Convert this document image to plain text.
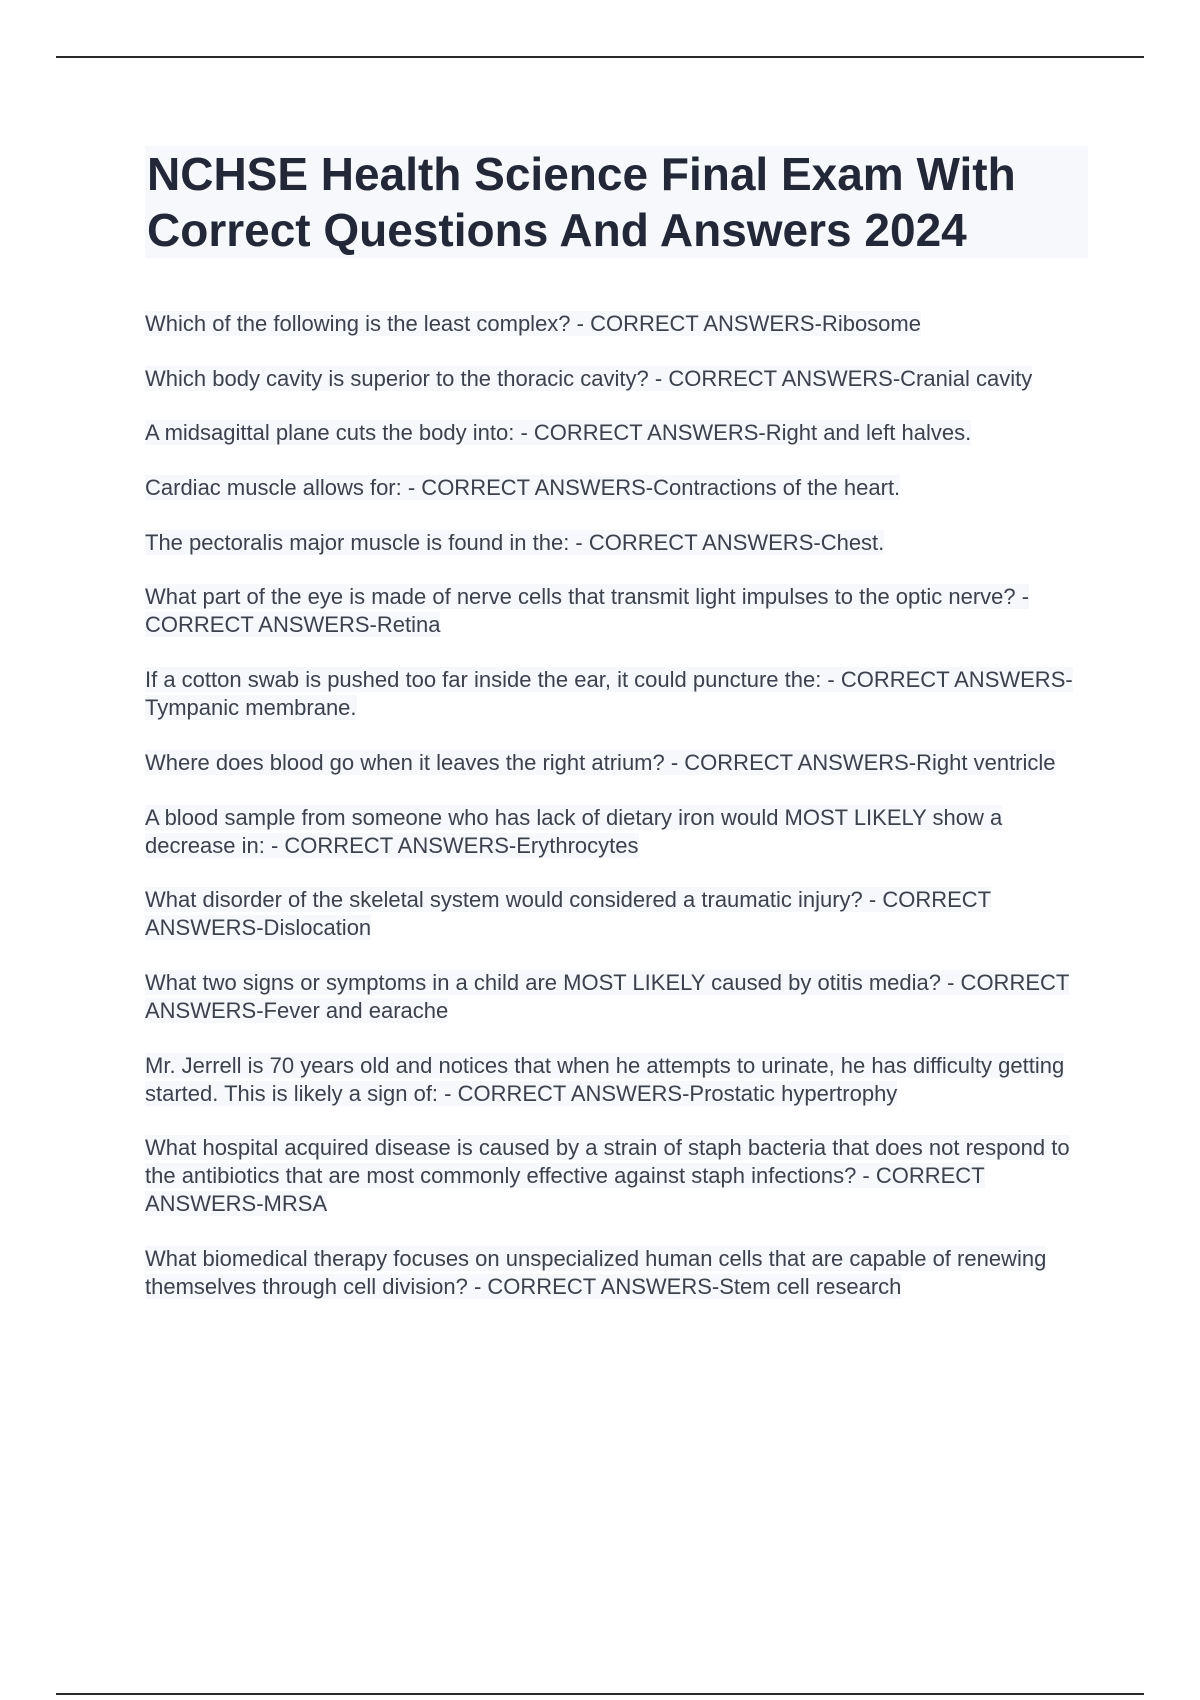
NCHSE Health Science Final Exam With Correct Questions And Answers 2024

Which of the following is the least complex? - CORRECT ANSWERS-Ribosome

Which body cavity is superior to the thoracic cavity? - CORRECT ANSWERS-Cranial cavity

A midsagittal plane cuts the body into: - CORRECT ANSWERS-Right and left halves.

Cardiac muscle allows for: - CORRECT ANSWERS-Contractions of the heart.

The pectoralis major muscle is found in the: - CORRECT ANSWERS-Chest.

What part of the eye is made of nerve cells that transmit light impulses to the optic nerve? - CORRECT ANSWERS-Retina

If a cotton swab is pushed too far inside the ear, it could puncture the: - CORRECT ANSWERS-Tympanic membrane.

Where does blood go when it leaves the right atrium? - CORRECT ANSWERS-Right ventricle

A blood sample from someone who has lack of dietary iron would MOST LIKELY show a decrease in: - CORRECT ANSWERS-Erythrocytes

What disorder of the skeletal system would considered a traumatic injury? - CORRECT ANSWERS-Dislocation

What two signs or symptoms in a child are MOST LIKELY caused by otitis media? - CORRECT ANSWERS-Fever and earache

Mr. Jerrell is 70 years old and notices that when he attempts to urinate, he has difficulty getting started. This is likely a sign of: - CORRECT ANSWERS-Prostatic hypertrophy

What hospital acquired disease is caused by a strain of staph bacteria that does not respond to the antibiotics that are most commonly effective against staph infections? - CORRECT ANSWERS-MRSA

What biomedical therapy focuses on unspecialized human cells that are capable of renewing themselves through cell division? - CORRECT ANSWERS-Stem cell research
